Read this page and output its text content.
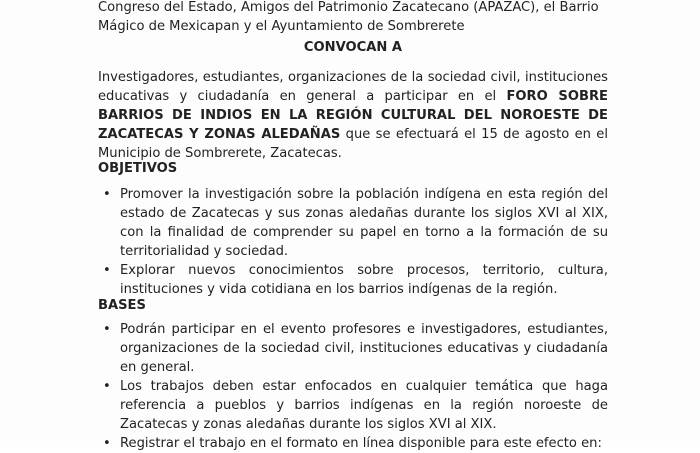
Congreso del Estado, Amigos del Patrimonio Zacatecano (APAZAC), el Barrio
Mágico de Mexicapan y el Ayuntamiento de Sombrerete
CONVOCAN A
Investigadores, estudiantes, organizaciones de la sociedad civil, instituciones educativas y ciudadanía en general a participar en el FORO SOBRE BARRIOS DE INDIOS EN LA REGIÓN CULTURAL DEL NOROESTE DE ZACATECAS Y ZONAS ALEDAÑAS que se efectuará el 15 de agosto en el Municipio de Sombrerete, Zacatecas.
OBJETIVOS
• Promover la investigación sobre la población indígena en esta región del estado de Zacatecas y sus zonas aledañas durante los siglos XVI al XIX, con la finalidad de comprender su papel en torno a la formación de su territorialidad y sociedad.
• Explorar nuevos conocimientos sobre procesos, territorio, cultura, instituciones y vida cotidiana en los barrios indígenas de la región.
BASES
• Podrán participar en el evento profesores e investigadores, estudiantes, organizaciones de la sociedad civil, instituciones educativas y ciudadanía en general.
• Los trabajos deben estar enfocados en cualquier temática que haga referencia a pueblos y barrios indígenas en la región noroeste de Zacatecas y zonas aledañas durante los siglos XVI al XIX.
• Registrar el trabajo en el formato en línea disponible para este efecto en:
